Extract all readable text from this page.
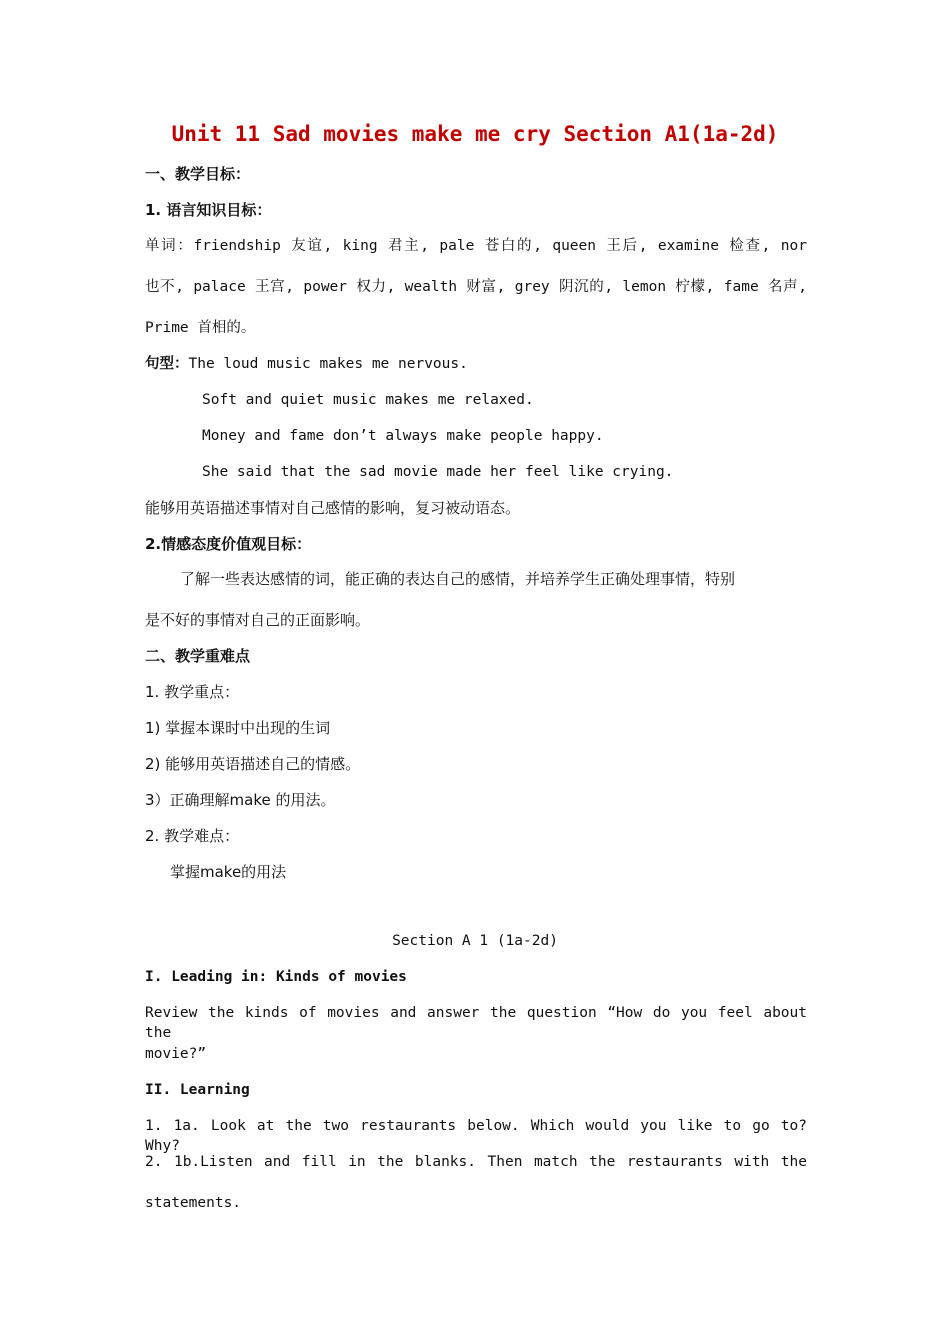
Unit 11 Sad movies make me cry Section A1(1a-2d)
一、教学目标：
1. 语言知识目标：
单词：friendship 友谊, king 君主, pale 苍白的, queen 王后, examine 检查, nor
也不, palace 王宫, power 权力, wealth 财富, grey 阴沉的, lemon 柠檬, fame 名声,
Prime 首相的。
句型：The loud music makes me nervous.
Soft and quiet music makes me relaxed.
Money and fame don’t always make people happy.
She said that the sad movie made her feel like crying.
能够用英语描述事情对自己感情的影响，复习被动语态。
2.情感态度价值观目标：
了解一些表达感情的词，能正确的表达自己的感情，并培养学生正确处理事情，特别
是不好的事情对自己的正面影响。
二、教学重难点
1. 教学重点：
1) 掌握本课时中出现的生词
2) 能够用英语描述自己的情感。
3）正确理解make 的用法。
2. 教学难点：
掌握make的用法
Section A 1 (1a-2d)
I. Leading in: Kinds of movies
Review the kinds of movies and answer the question “How do you feel about the
movie?”
II. Learning
1. 1a. Look at the two restaurants below. Which would you like to go to? Why?
2. 1b.Listen and fill in the blanks. Then match the restaurants with the
statements.
